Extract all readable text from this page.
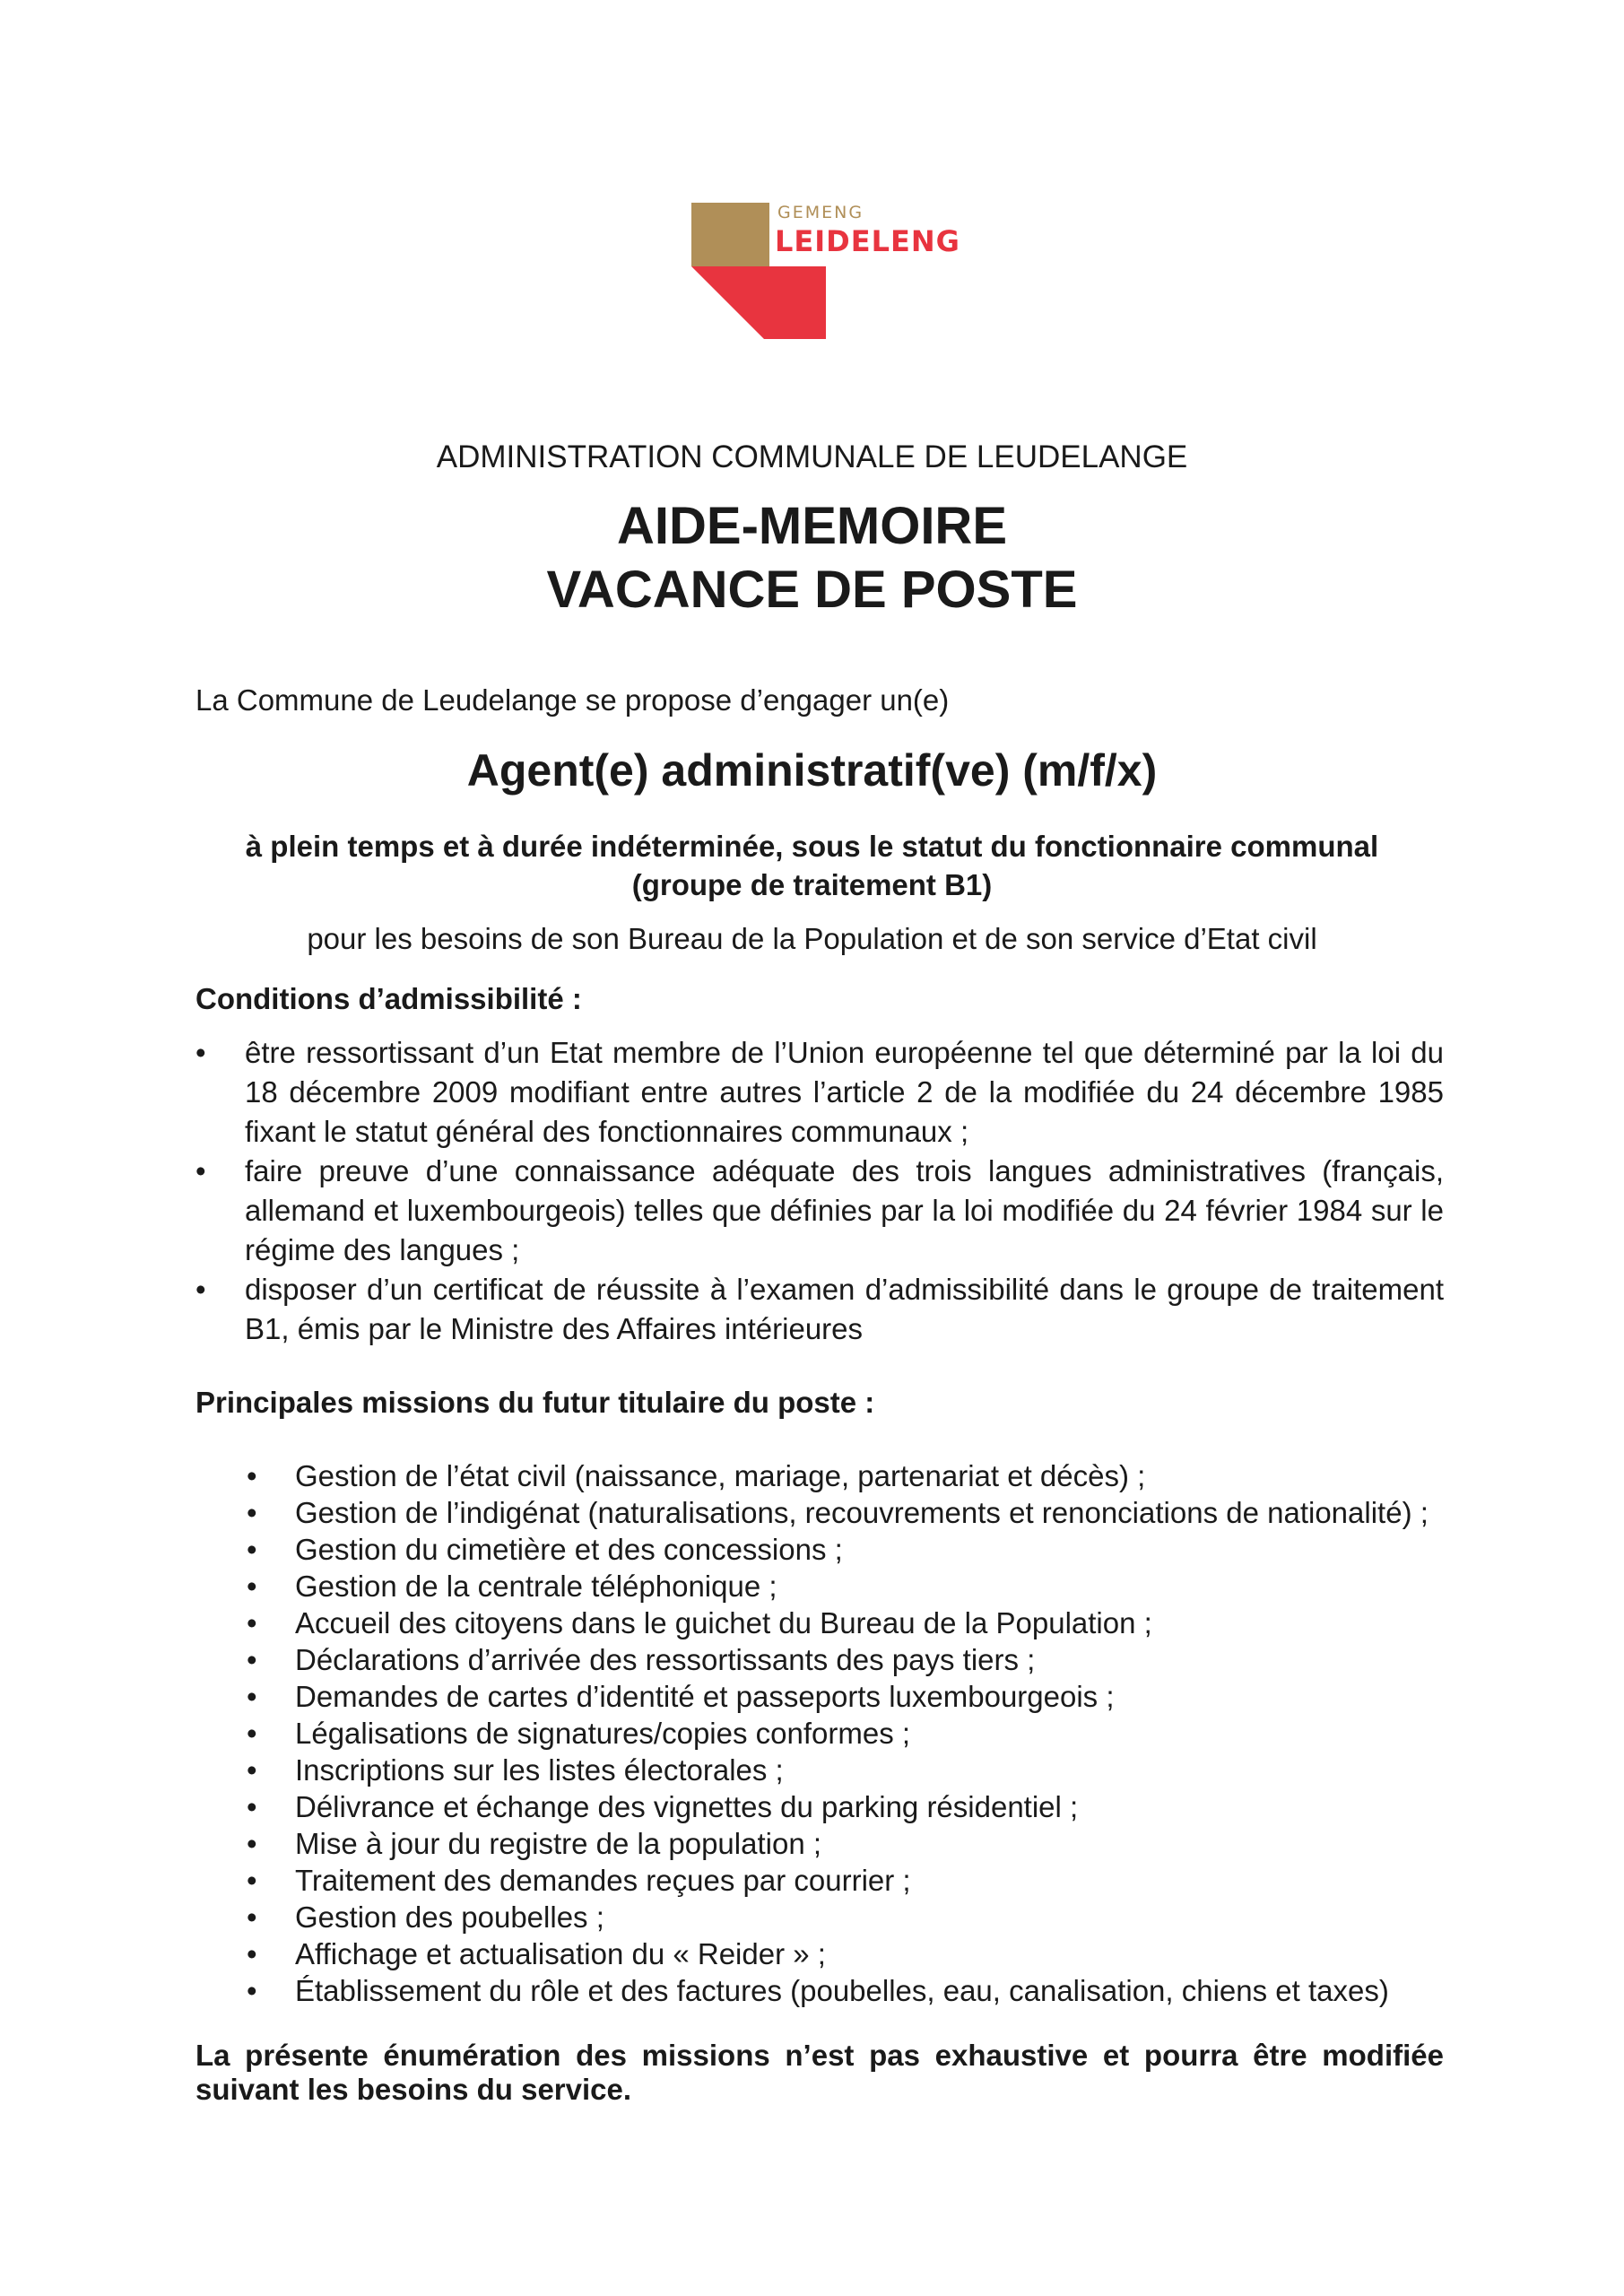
GEMENG
LEIDELENG
ADMINISTRATION COMMUNALE DE LEUDELANGE
AIDE-MEMOIRE
VACANCE DE POSTE
La Commune de Leudelange se propose d’engager un(e)
Agent(e) administratif(ve) (m/f/x)
à plein temps et à durée indéterminée, sous le statut du fonctionnaire communal
(groupe de traitement B1)
pour les besoins de son Bureau de la Population et de son service d’Etat civil
Conditions d’admissibilité :
• être ressortissant d’un Etat membre de l’Union européenne tel que déterminé par la loi du 18 décembre 2009 modifiant entre autres l’article 2 de la modifiée du 24 décembre 1985 fixant le statut général des fonctionnaires communaux ;
• faire preuve d’une connaissance adéquate des trois langues administratives (français, allemand et luxembourgeois) telles que définies par la loi modifiée du 24 février 1984 sur le régime des langues ;
• disposer d’un certificat de réussite à l’examen d’admissibilité dans le groupe de traitement B1, émis par le Ministre des Affaires intérieures
Principales missions du futur titulaire du poste :
• Gestion de l’état civil (naissance, mariage, partenariat et décès) ;
• Gestion de l’indigénat (naturalisations, recouvrements et renonciations de nationalité) ;
• Gestion du cimetière et des concessions ;
• Gestion de la centrale téléphonique ;
• Accueil des citoyens dans le guichet du Bureau de la Population ;
• Déclarations d’arrivée des ressortissants des pays tiers ;
• Demandes de cartes d’identité et passeports luxembourgeois ;
• Légalisations de signatures/copies conformes ;
• Inscriptions sur les listes électorales ;
• Délivrance et échange des vignettes du parking résidentiel ;
• Mise à jour du registre de la population ;
• Traitement des demandes reçues par courrier ;
• Gestion des poubelles ;
• Affichage et actualisation du « Reider » ;
• Établissement du rôle et des factures (poubelles, eau, canalisation, chiens et taxes)
La présente énumération des missions n’est pas exhaustive et pourra être modifiée suivant les besoins du service.
